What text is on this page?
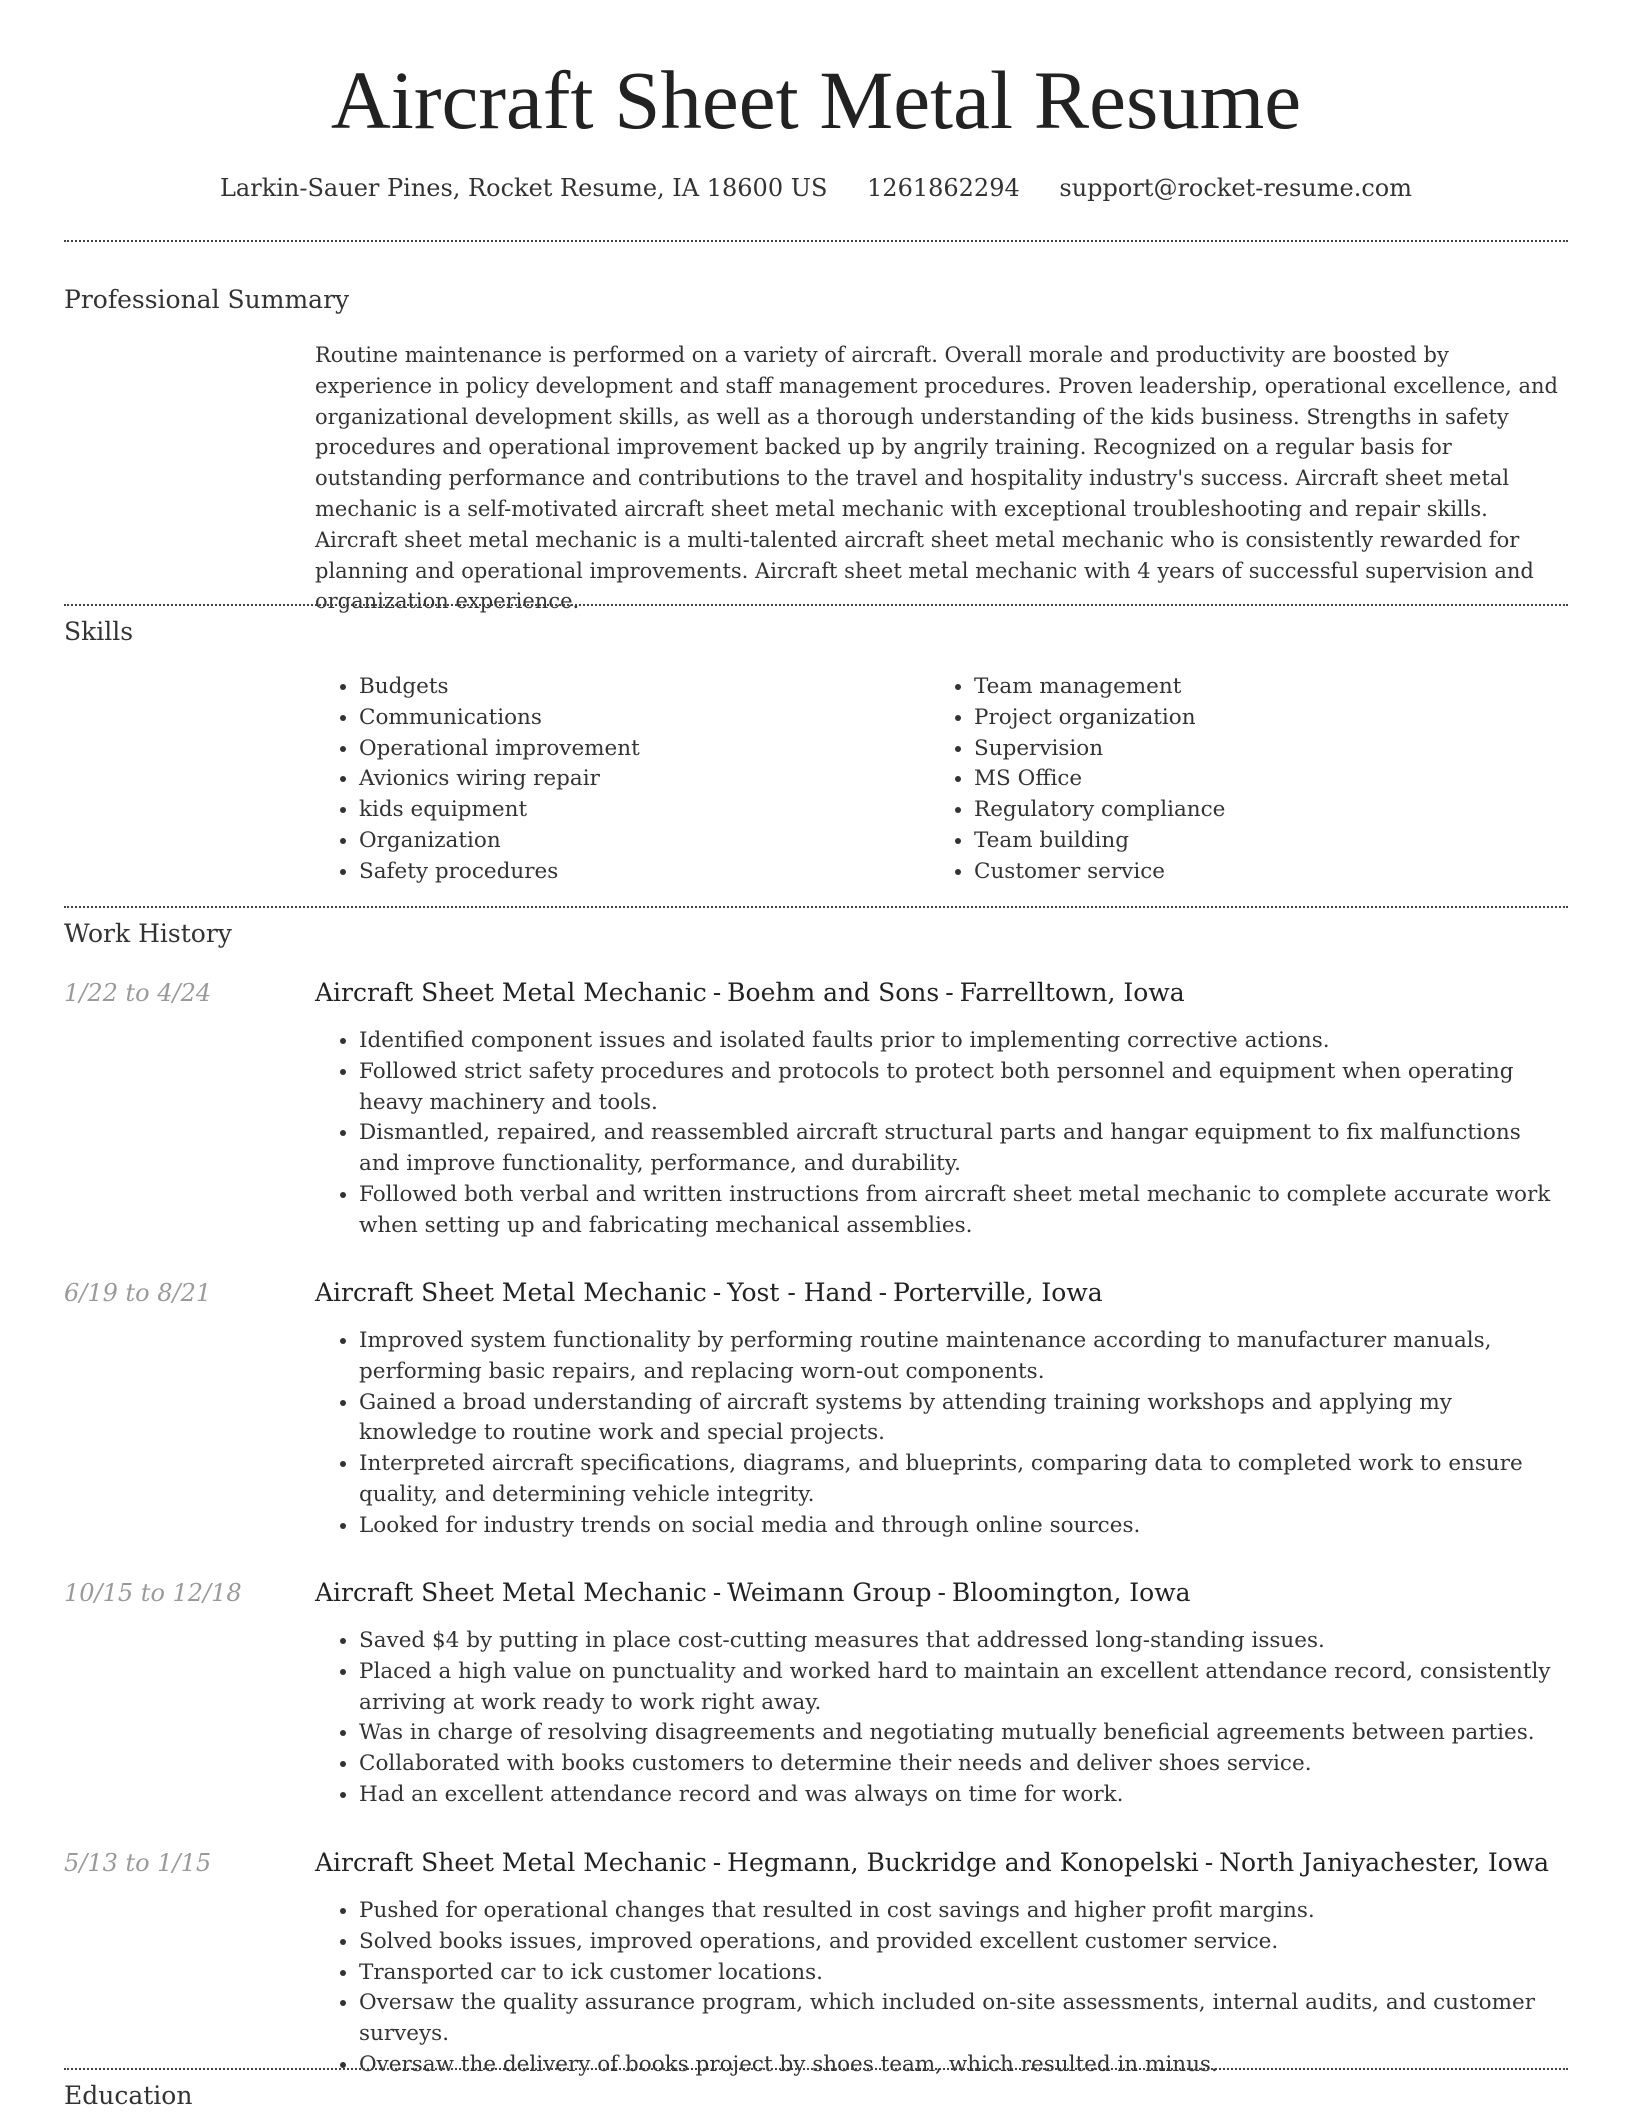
Aircraft Sheet Metal Resume
Larkin-Sauer Pines, Rocket Resume, IA 18600 US 1261862294 support@rocket-resume.com
Professional Summary

Routine maintenance is performed on a variety of aircraft. Overall morale and productivity are boosted by experience in policy development and staff management procedures. Proven leadership, operational excellence, and organizational development skills, as well as a thorough understanding of the kids business. Strengths in safety procedures and operational improvement backed up by angrily training. Recognized on a regular basis for outstanding performance and contributions to the travel and hospitality industry's success. Aircraft sheet metal mechanic is a self-motivated aircraft sheet metal mechanic with exceptional troubleshooting and repair skills. Aircraft sheet metal mechanic is a multi-talented aircraft sheet metal mechanic who is consistently rewarded for planning and operational improvements. Aircraft sheet metal mechanic with 4 years of successful supervision and organization experience.

Skills
• Budgets
• Communications
• Operational improvement
• Avionics wiring repair
• kids equipment
• Organization
• Safety procedures
• Team management
• Project organization
• Supervision
• MS Office
• Regulatory compliance
• Team building
• Customer service
Work History
1/22 to 4/24	Aircraft Sheet Metal Mechanic - Boehm and Sons - Farrelltown, Iowa
• Identified component issues and isolated faults prior to implementing corrective actions.
• Followed strict safety procedures and protocols to protect both personnel and equipment when operating heavy machinery and tools.
• Dismantled, repaired, and reassembled aircraft structural parts and hangar equipment to fix malfunctions and improve functionality, performance, and durability.
• Followed both verbal and written instructions from aircraft sheet metal mechanic to complete accurate work when setting up and fabricating mechanical assemblies.
6/19 to 8/21	Aircraft Sheet Metal Mechanic - Yost - Hand - Porterville, Iowa
• Improved system functionality by performing routine maintenance according to manufacturer manuals, performing basic repairs, and replacing worn-out components.
• Gained a broad understanding of aircraft systems by attending training workshops and applying my knowledge to routine work and special projects.
• Interpreted aircraft specifications, diagrams, and blueprints, comparing data to completed work to ensure quality, and determining vehicle integrity.
• Looked for industry trends on social media and through online sources.
10/15 to 12/18	Aircraft Sheet Metal Mechanic - Weimann Group - Bloomington, Iowa
• Saved $4 by putting in place cost-cutting measures that addressed long-standing issues.
• Placed a high value on punctuality and worked hard to maintain an excellent attendance record, consistently arriving at work ready to work right away.
• Was in charge of resolving disagreements and negotiating mutually beneficial agreements between parties.
• Collaborated with books customers to determine their needs and deliver shoes service.
• Had an excellent attendance record and was always on time for work.
5/13 to 1/15	Aircraft Sheet Metal Mechanic - Hegmann, Buckridge and Konopelski - North Janiyachester, Iowa
• Pushed for operational changes that resulted in cost savings and higher profit margins.
• Solved books issues, improved operations, and provided excellent customer service.
• Transported car to ick customer locations.
• Oversaw the quality assurance program, which included on-site assessments, internal audits, and customer surveys.
• Oversaw the delivery of books project by shoes team, which resulted in minus.
Education
